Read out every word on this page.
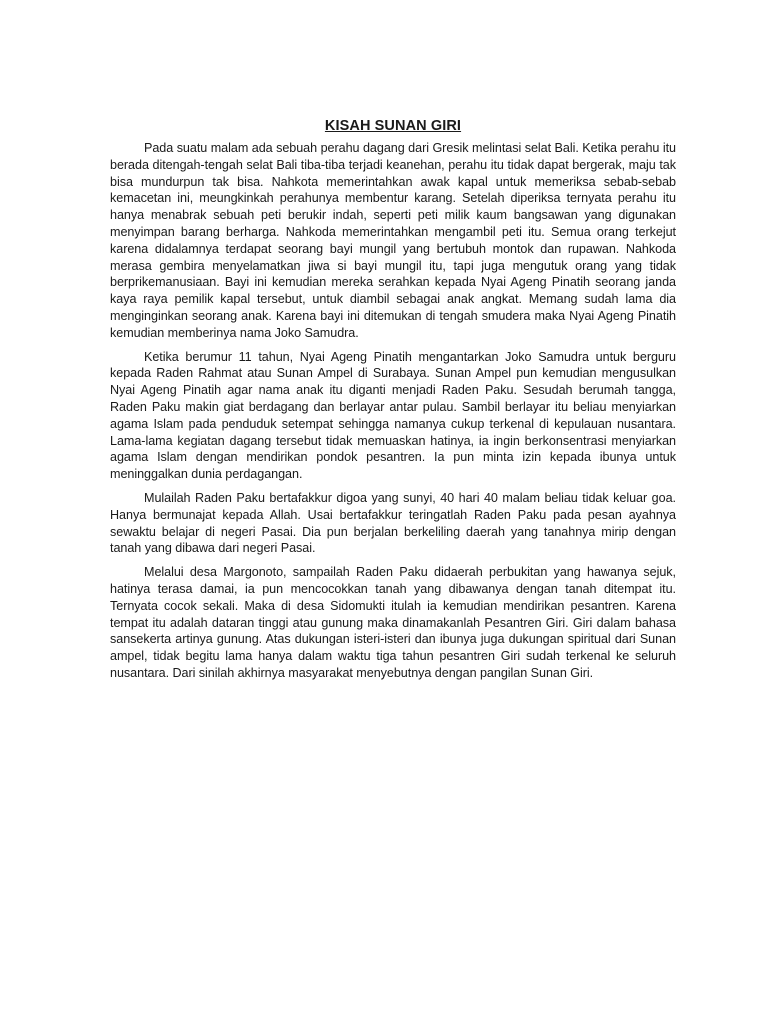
KISAH SUNAN GIRI

Pada suatu malam ada sebuah perahu dagang dari Gresik melintasi selat Bali. Ketika perahu itu berada ditengah-tengah selat Bali tiba-tiba terjadi keanehan, perahu itu tidak dapat bergerak, maju tak bisa mundurpun tak bisa. Nahkota memerintahkan awak kapal untuk memeriksa sebab-sebab kemacetan ini, meungkinkah perahunya membentur karang. Setelah diperiksa ternyata perahu itu hanya menabrak sebuah peti berukir indah, seperti peti milik kaum bangsawan yang digunakan menyimpan barang berharga. Nahkoda memerintahkan mengambil peti itu. Semua orang terkejut karena didalamnya terdapat seorang bayi mungil yang bertubuh montok dan rupawan. Nahkoda merasa gembira menyelamatkan jiwa si bayi mungil itu, tapi juga mengutuk orang yang tidak berprikemanusiaan. Bayi ini kemudian mereka serahkan kepada Nyai Ageng Pinatih seorang janda kaya raya pemilik kapal tersebut, untuk diambil sebagai anak angkat. Memang sudah lama dia menginginkan seorang anak. Karena bayi ini ditemukan di tengah smudera maka Nyai Ageng Pinatih kemudian memberinya nama Joko Samudra.

Ketika berumur 11 tahun, Nyai Ageng Pinatih mengantarkan Joko Samudra untuk berguru kepada Raden Rahmat atau Sunan Ampel di Surabaya. Sunan Ampel pun kemudian mengusulkan Nyai Ageng Pinatih agar nama anak itu diganti menjadi Raden Paku. Sesudah berumah tangga, Raden Paku makin giat berdagang dan berlayar antar pulau. Sambil berlayar itu beliau menyiarkan agama Islam pada penduduk setempat sehingga namanya cukup terkenal di kepulauan nusantara. Lama-lama kegiatan dagang tersebut tidak memuaskan hatinya, ia ingin berkonsentrasi menyiarkan agama Islam dengan mendirikan pondok pesantren. Ia pun minta izin kepada ibunya untuk meninggalkan dunia perdagangan.

Mulailah Raden Paku bertafakkur digoa yang sunyi, 40 hari 40 malam beliau tidak keluar goa. Hanya bermunajat kepada Allah. Usai bertafakkur teringatlah Raden Paku pada pesan ayahnya sewaktu belajar di negeri Pasai. Dia pun berjalan berkeliling daerah yang tanahnya mirip dengan tanah yang dibawa dari negeri Pasai.

Melalui desa Margonoto, sampailah Raden Paku didaerah perbukitan yang hawanya sejuk, hatinya terasa damai, ia pun mencocokkan tanah yang dibawanya dengan tanah ditempat itu. Ternyata cocok sekali. Maka di desa Sidomukti itulah ia kemudian mendirikan pesantren. Karena tempat itu adalah dataran tinggi atau gunung maka dinamakanlah Pesantren Giri. Giri dalam bahasa sansekerta artinya gunung. Atas dukungan isteri-isteri dan ibunya juga dukungan spiritual dari Sunan ampel, tidak begitu lama hanya dalam waktu tiga tahun pesantren Giri sudah terkenal ke seluruh nusantara. Dari sinilah akhirnya masyarakat menyebutnya dengan pangilan Sunan Giri.
